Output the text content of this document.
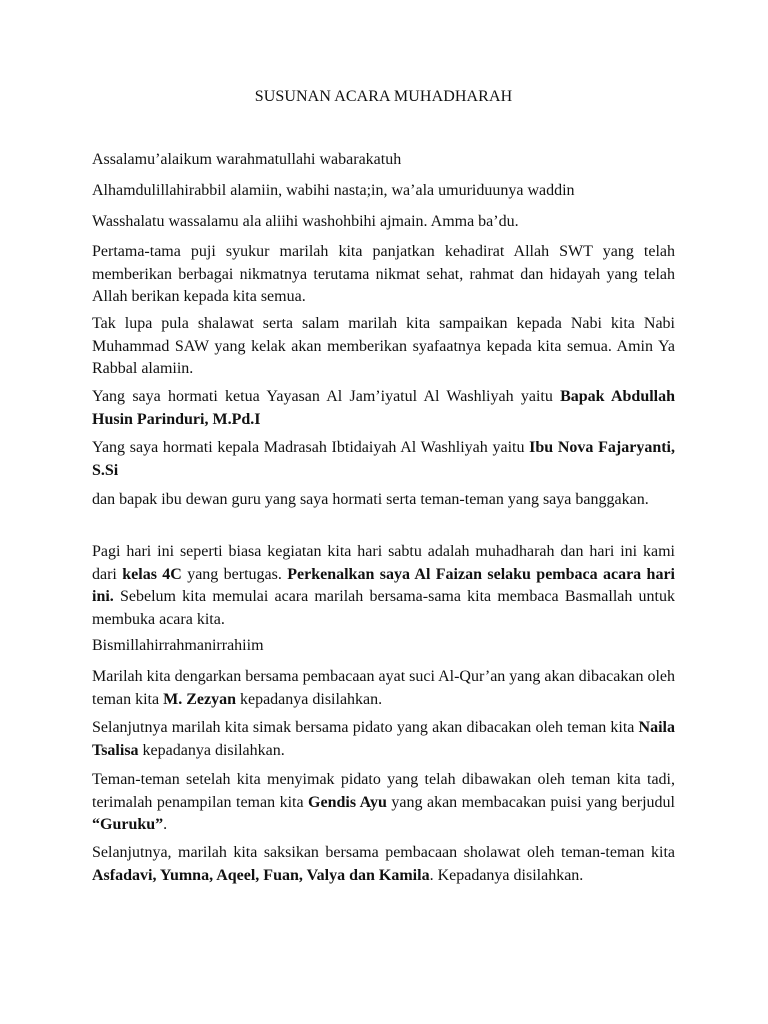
SUSUNAN ACARA MUHADHARAH

Assalamu’alaikum warahmatullahi wabarakatuh

Alhamdulillahirabbil alamiin, wabihi nasta;in, wa’ala umuriduunya waddin

Wasshalatu wassalamu ala aliihi washohbihi ajmain. Amma ba’du.

Pertama-tama puji syukur marilah kita panjatkan kehadirat Allah SWT yang telah memberikan berbagai nikmatnya terutama nikmat sehat, rahmat dan hidayah yang telah Allah berikan kepada kita semua.

Tak lupa pula shalawat serta salam marilah kita sampaikan kepada Nabi kita Nabi Muhammad SAW yang kelak akan memberikan syafaatnya kepada kita semua. Amin Ya Rabbal alamiin.

Yang saya hormati ketua Yayasan Al Jam’iyatul Al Washliyah yaitu Bapak Abdullah Husin Parinduri, M.Pd.I

Yang saya hormati kepala Madrasah Ibtidaiyah Al Washliyah yaitu Ibu Nova Fajaryanti, S.Si

dan bapak ibu dewan guru yang saya hormati serta teman-teman yang saya banggakan.

Pagi hari ini seperti biasa kegiatan kita hari sabtu adalah muhadharah dan hari ini kami dari kelas 4C yang bertugas. Perkenalkan saya Al Faizan selaku pembaca acara hari ini. Sebelum kita memulai acara marilah bersama-sama kita membaca Basmallah untuk membuka acara kita.

Bismillahirrahmanirrahiim

Marilah kita dengarkan bersama pembacaan ayat suci Al-Qur’an yang akan dibacakan oleh teman kita M. Zezyan kepadanya disilahkan.

Selanjutnya marilah kita simak bersama pidato yang akan dibacakan oleh teman kita Naila Tsalisa kepadanya disilahkan.

Teman-teman setelah kita menyimak pidato yang telah dibawakan oleh teman kita tadi, terimalah penampilan teman kita Gendis Ayu yang akan membacakan puisi yang berjudul “Guruku”.

Selanjutnya, marilah kita saksikan bersama pembacaan sholawat oleh teman-teman kita Asfadavi, Yumna, Aqeel, Fuan, Valya dan Kamila. Kepadanya disilahkan.
